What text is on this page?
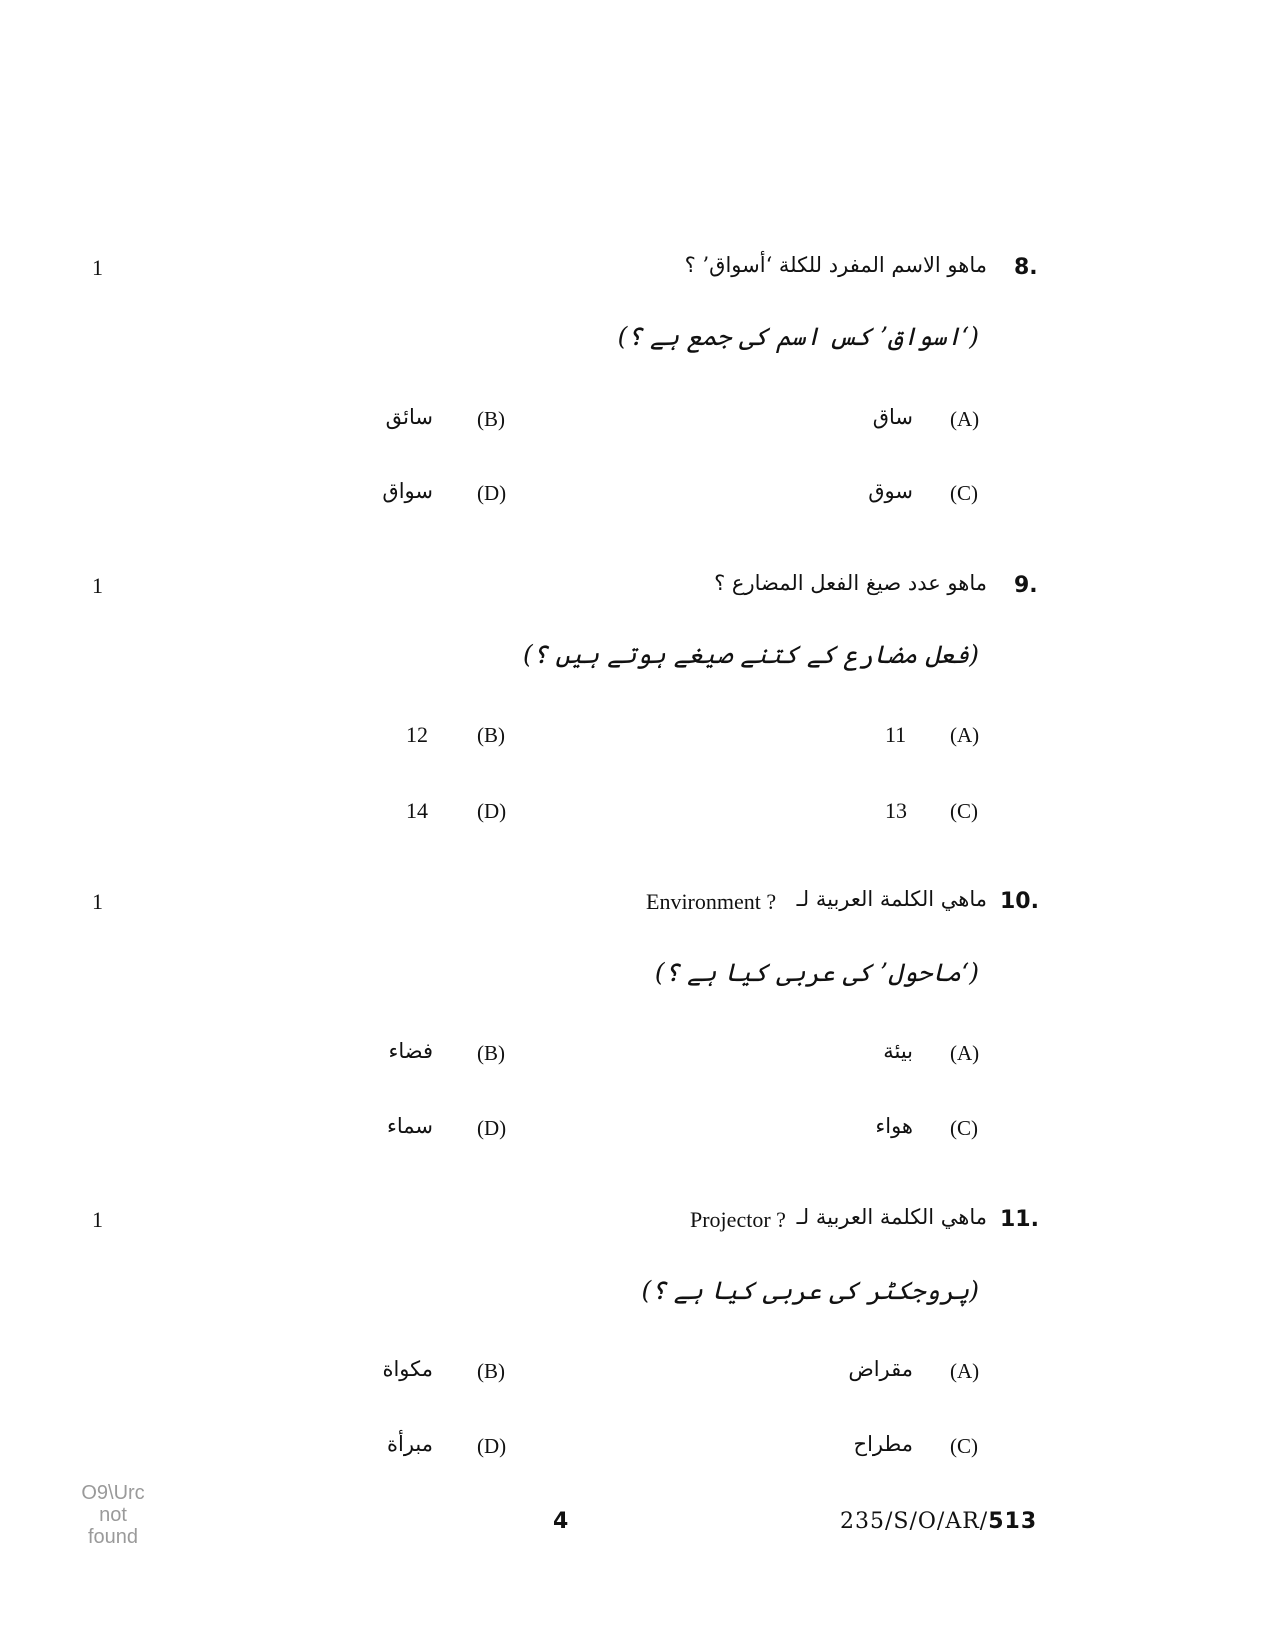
1	8.
ماهو الاسم المفرد للكلة ‘أسواق’ ؟
(‘اسواق’ کس اسم کی جمع ہے ؟)
(A)
ساق
(B)
سائق
(C)
سوق
(D)
سواق
1	9.
ماهو عدد صيغ الفعل المضارع ؟
(فعل مضارع کے کتنے صیغے ہوتے ہیں ؟)
(A)
11
(B)
12
(C)
13
(D)
14
1	10.
ماهي الكلمة العربية لـ
Environment ?
(‘ماحول’ کی عربی کیا ہے ؟)
(A)
بيئة
(B)
فضاء
(C)
هواء
(D)
سماء
1	11.
ماهي الكلمة العربية لـ
Projector ?
(پروجکٹر کی عربی کیا ہے ؟)
(A)
مقراض
(B)
مكواة
(C)
مطراح
(D)
مبرأة
O9\Urc not found
4	235/S/O/AR/513
